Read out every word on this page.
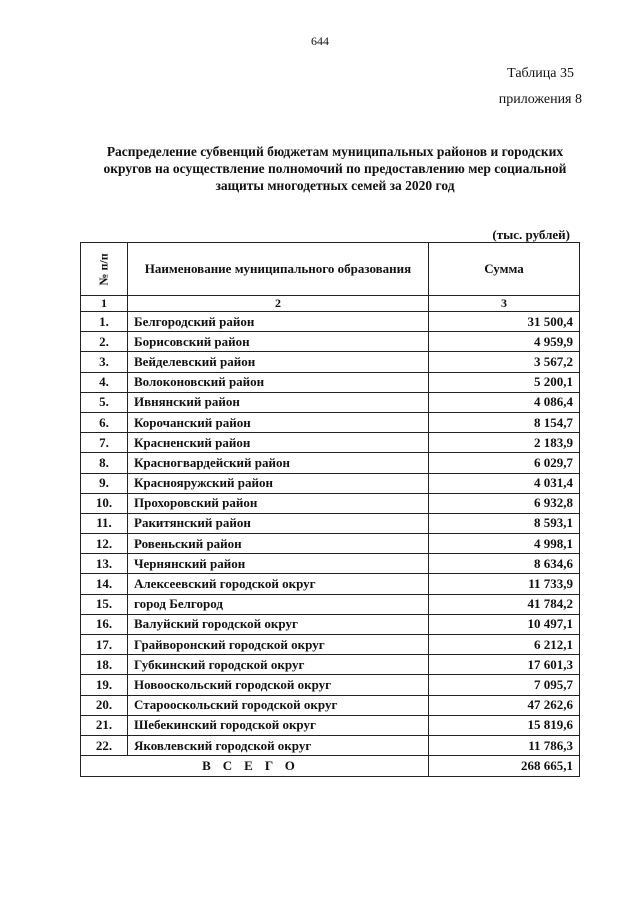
644
Таблица 35
приложения 8
Распределение субвенций бюджетам муниципальных районов и городских округов на осуществление полномочий по предоставлению мер социальной защиты многодетных семей за 2020 год
(тыс. рублей)
№ п/п	Наименование муниципального образования	Сумма
1	2	3
1.	Белгородский район	31 500,4
2.	Борисовский район	4 959,9
3.	Вейделевский район	3 567,2
4.	Волоконовский район	5 200,1
5.	Ивнянский район	4 086,4
6.	Корочанский район	8 154,7
7.	Красненский район	2 183,9
8.	Красногвардейский район	6 029,7
9.	Краснояружский район	4 031,4
10.	Прохоровский район	6 932,8
11.	Ракитянский район	8 593,1
12.	Ровеньский район	4 998,1
13.	Чернянский район	8 634,6
14.	Алексеевский городской округ	11 733,9
15.	город Белгород	41 784,2
16.	Валуйский городской округ	10 497,1
17.	Грайворонский городской округ	6 212,1
18.	Губкинский городской округ	17 601,3
19.	Новооскольский городской округ	7 095,7
20.	Старооскольский городской округ	47 262,6
21.	Шебекинский городской округ	15 819,6
22.	Яковлевский городской округ	11 786,3
ВСЕГО		268 665,1
